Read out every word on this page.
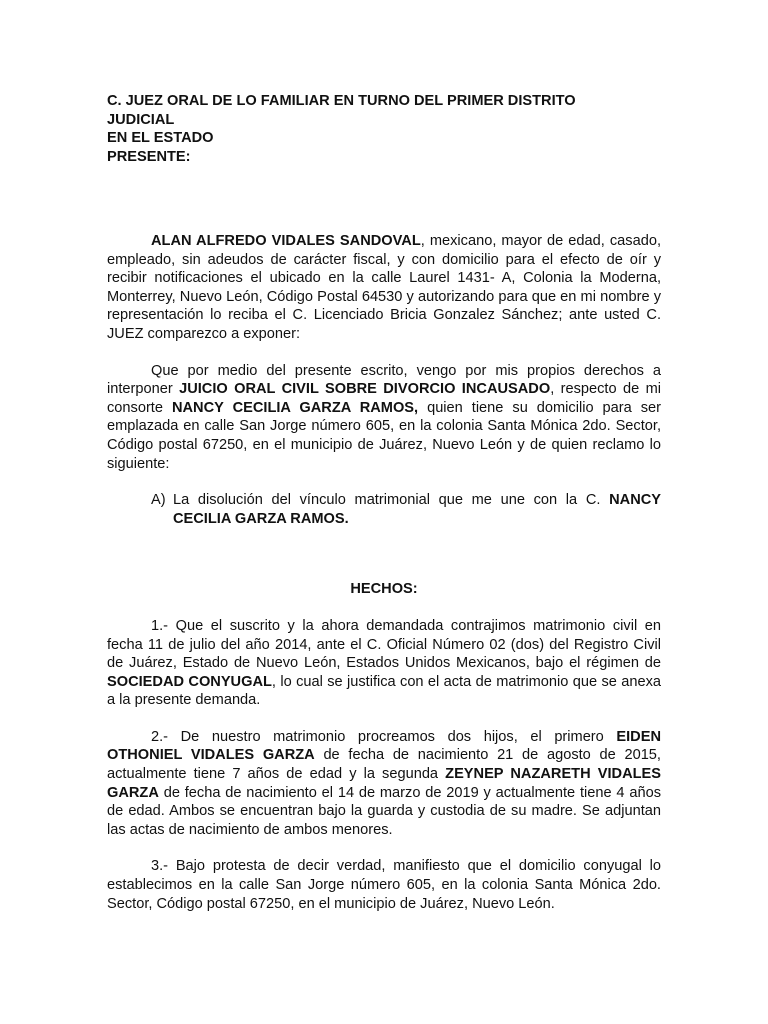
C. JUEZ ORAL DE LO FAMILIAR EN TURNO DEL PRIMER DISTRITO
JUDICIAL
EN EL ESTADO
PRESENTE:

ALAN ALFREDO VIDALES SANDOVAL, mexicano, mayor de edad, casado, empleado, sin adeudos de carácter fiscal, y con domicilio para el efecto de oír y recibir notificaciones el ubicado en la calle Laurel 1431- A, Colonia la Moderna, Monterrey, Nuevo León, Código Postal 64530 y autorizando para que en mi nombre y representación lo reciba el C. Licenciado Bricia Gonzalez Sánchez; ante usted C. JUEZ comparezco a exponer:

Que por medio del presente escrito, vengo por mis propios derechos a interponer JUICIO ORAL CIVIL SOBRE DIVORCIO INCAUSADO, respecto de mi consorte NANCY CECILIA GARZA RAMOS, quien tiene su domicilio para ser emplazada en calle San Jorge número 605, en la colonia Santa Mónica 2do. Sector, Código postal 67250, en el municipio de Juárez, Nuevo León y de quien reclamo lo siguiente:

A) La disolución del vínculo matrimonial que me une con la C. NANCY CECILIA GARZA RAMOS.
HECHOS:

1.- Que el suscrito y la ahora demandada contrajimos matrimonio civil en fecha 11 de julio del año 2014, ante el C. Oficial Número 02 (dos) del Registro Civil de Juárez, Estado de Nuevo León, Estados Unidos Mexicanos, bajo el régimen de SOCIEDAD CONYUGAL, lo cual se justifica con el acta de matrimonio que se anexa a la presente demanda.

2.- De nuestro matrimonio procreamos dos hijos, el primero EIDEN OTHONIEL VIDALES GARZA de fecha de nacimiento 21 de agosto de 2015, actualmente tiene 7 años de edad y la segunda ZEYNEP NAZARETH VIDALES GARZA de fecha de nacimiento el 14 de marzo de 2019 y actualmente tiene 4 años de edad. Ambos se encuentran bajo la guarda y custodia de su madre. Se adjuntan las actas de nacimiento de ambos menores.

3.- Bajo protesta de decir verdad, manifiesto que el domicilio conyugal lo establecimos en la calle San Jorge número 605, en la colonia Santa Mónica 2do. Sector, Código postal 67250, en el municipio de Juárez, Nuevo León.
